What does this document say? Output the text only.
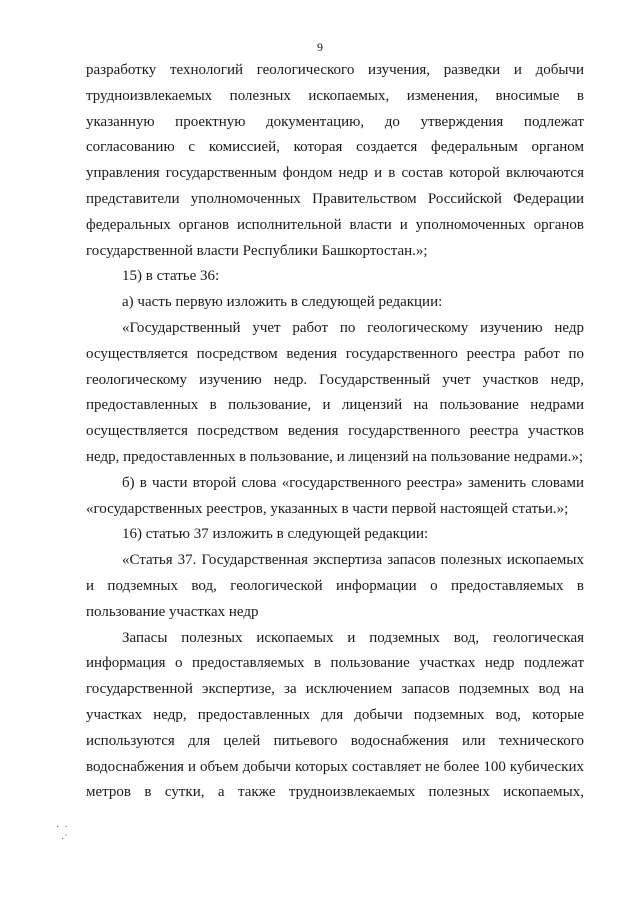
9
разработку технологий геологического изучения, разведки и добычи
трудноизвлекаемых полезных ископаемых, изменения, вносимые в
указанную проектную документацию, до утверждения подлежат
согласованию с комиссией, которая создается федеральным органом
управления государственным фондом недр и в состав которой включаются
представители уполномоченных Правительством Российской Федерации
федеральных органов исполнительной власти и уполномоченных органов
государственной власти Республики Башкортостан.»;
15) в статье 36:
а) часть первую изложить в следующей редакции:
«Государственный учет работ по геологическому изучению недр
осуществляется посредством ведения государственного реестра работ по
геологическому изучению недр. Государственный учет участков недр,
предоставленных в пользование, и лицензий на пользование недрами
осуществляется посредством ведения государственного реестра участков
недр, предоставленных в пользование, и лицензий на пользование недрами.»;
б) в части второй слова «государственного реестра» заменить словами
«государственных реестров, указанных в части первой настоящей статьи.»;
16) статью 37 изложить в следующей редакции:
«Статья 37. Государственная экспертиза запасов полезных ископаемых
и подземных вод, геологической информации о предоставляемых в
пользование участках недр
Запасы полезных ископаемых и подземных вод, геологическая
информация о предоставляемых в пользование участках недр подлежат
государственной экспертизе, за исключением запасов подземных вод на
участках недр, предоставленных для добычи подземных вод, которые
используются для целей питьевого водоснабжения или технического
водоснабжения и объем добычи которых составляет не более 100 кубических
метров в сутки, а также трудноизвлекаемых полезных ископаемых,
·  ·
·´
